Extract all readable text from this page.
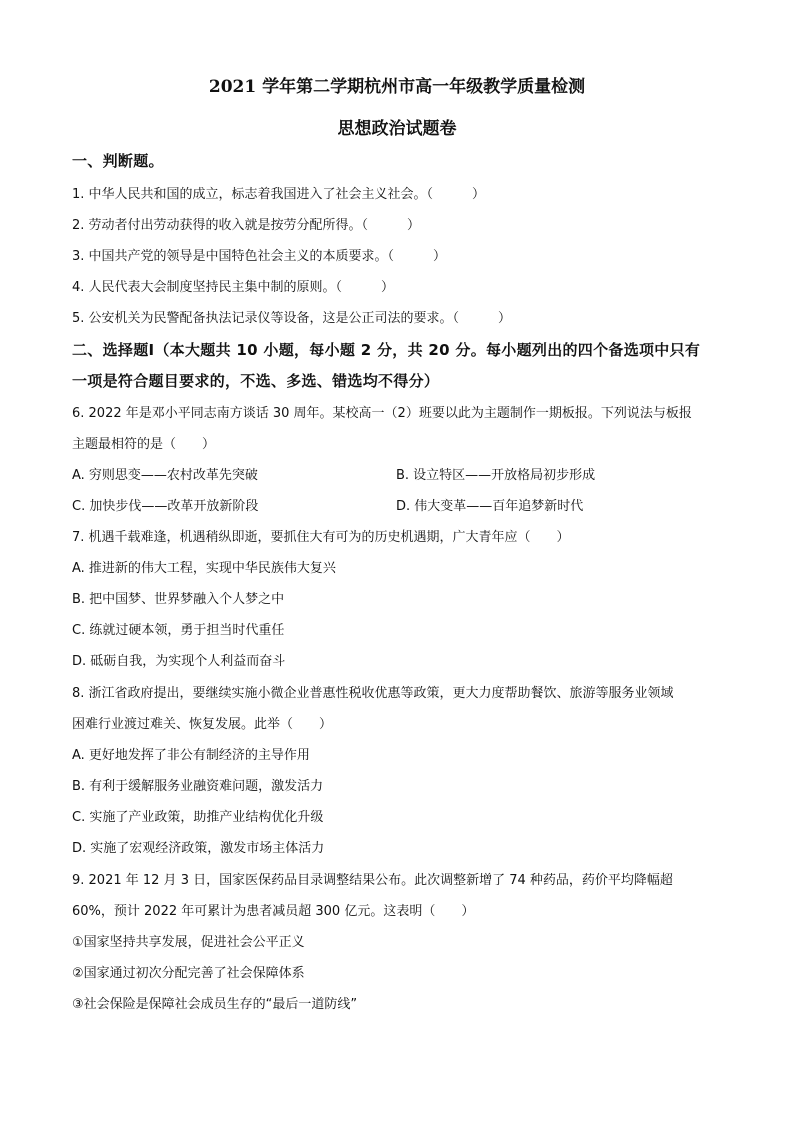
2021 学年第二学期杭州市高一年级教学质量检测
思想政治试题卷
一、判断题。
1. 中华人民共和国的成立，标志着我国进入了社会主义社会。（　　　）
2. 劳动者付出劳动获得的收入就是按劳分配所得。（　　　）
3. 中国共产党的领导是中国特色社会主义的本质要求。（　　　）
4. 人民代表大会制度坚持民主集中制的原则。（　　　）
5. 公安机关为民警配备执法记录仪等设备，这是公正司法的要求。（　　　）
二、选择题Ⅰ（本大题共 10 小题，每小题 2 分，共 20 分。每小题列出的四个备选项中只有
一项是符合题目要求的，不选、多选、错选均不得分）
6. 2022 年是邓小平同志南方谈话 30 周年。某校高一（2）班要以此为主题制作一期板报。下列说法与板报
主题最相符的是（　　）
A. 穷则思变——农村改革先突破	B. 设立特区——开放格局初步形成
C. 加快步伐——改革开放新阶段	D. 伟大变革——百年追梦新时代
7. 机遇千载难逢，机遇稍纵即逝，要抓住大有可为的历史机遇期，广大青年应（　　）
A. 推进新的伟大工程，实现中华民族伟大复兴
B. 把中国梦、世界梦融入个人梦之中
C. 练就过硬本领，勇于担当时代重任
D. 砥砺自我，为实现个人利益而奋斗
8. 浙江省政府提出，要继续实施小微企业普惠性税收优惠等政策，更大力度帮助餐饮、旅游等服务业领域
困难行业渡过难关、恢复发展。此举（　　）
A. 更好地发挥了非公有制经济的主导作用
B. 有利于缓解服务业融资难问题，激发活力
C. 实施了产业政策，助推产业结构优化升级
D. 实施了宏观经济政策，激发市场主体活力
9. 2021 年 12 月 3 日，国家医保药品目录调整结果公布。此次调整新增了 74 种药品，药价平均降幅超
60%，预计 2022 年可累计为患者减员超 300 亿元。这表明（　　）
①国家坚持共享发展，促进社会公平正义
②国家通过初次分配完善了社会保障体系
③社会保险是保障社会成员生存的“最后一道防线”
